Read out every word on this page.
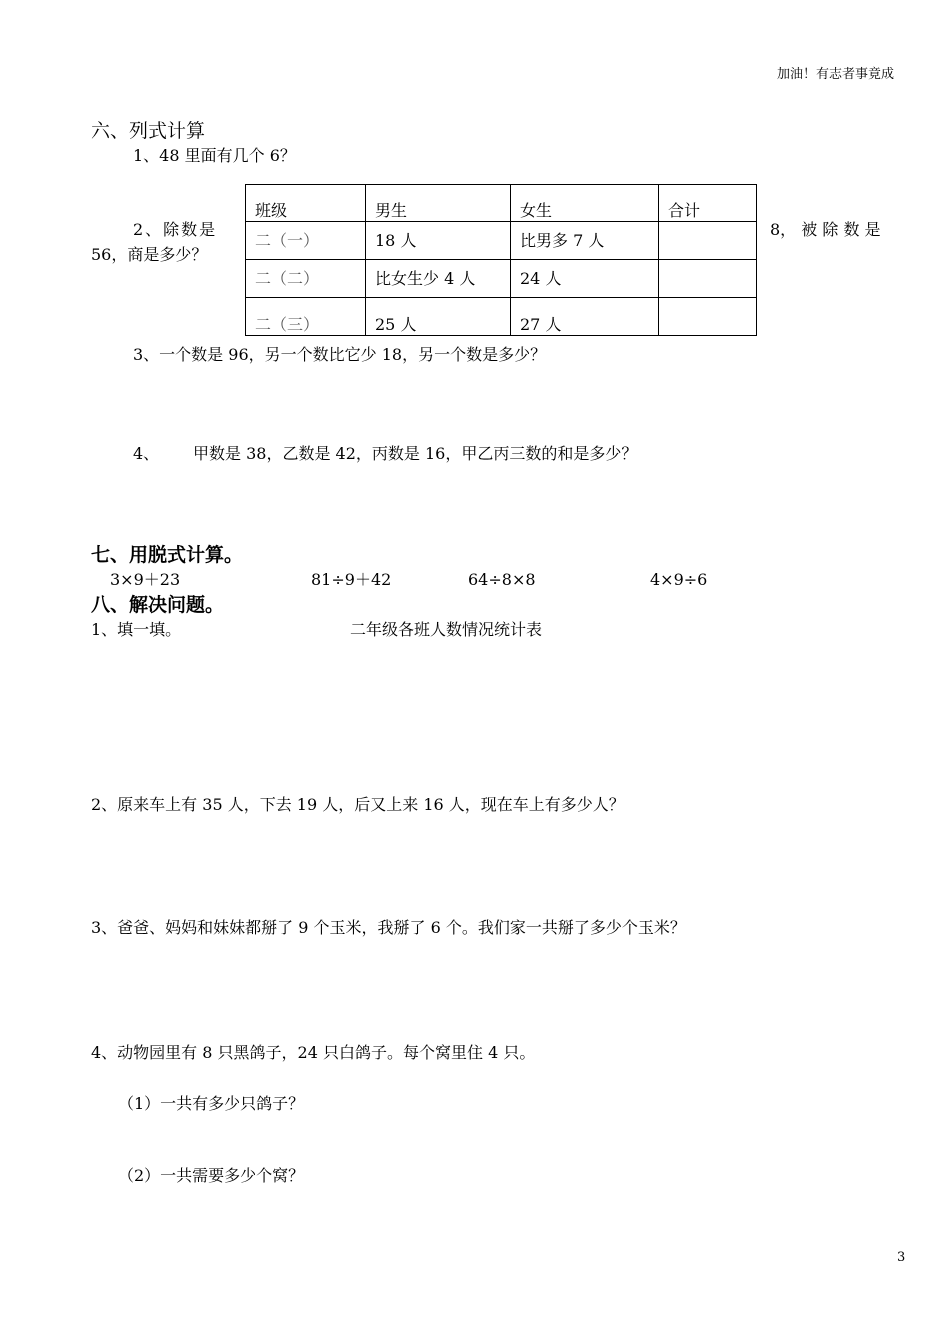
加油！有志者事竟成
六、列式计算
1、48 里面有几个 6？
2、除数是	8， 被 除 数 是
56，商是多少？
班级	男生	女生	合计
二（一）	18 人	比男多 7 人	
二（二）	比女生少 4 人	24 人	
二（三）	25 人	27 人	
3、一个数是 96，另一个数比它少 18，另一个数是多少？
4、 甲数是 38，乙数是 42，丙数是 16，甲乙丙三数的和是多少？
七、用脱式计算。
3×9＋23	81÷9＋42	64÷8×8	4×9÷6
八、解决问题。
1、填一填。	二年级各班人数情况统计表
2、原来车上有 35 人，下去 19 人，后又上来 16 人，现在车上有多少人？
3、爸爸、妈妈和妹妹都掰了 9 个玉米，我掰了 6 个。我们家一共掰了多少个玉米？
4、动物园里有 8 只黑鸽子，24 只白鸽子。每个窝里住 4 只。
（1）一共有多少只鸽子？
（2）一共需要多少个窝？
3
